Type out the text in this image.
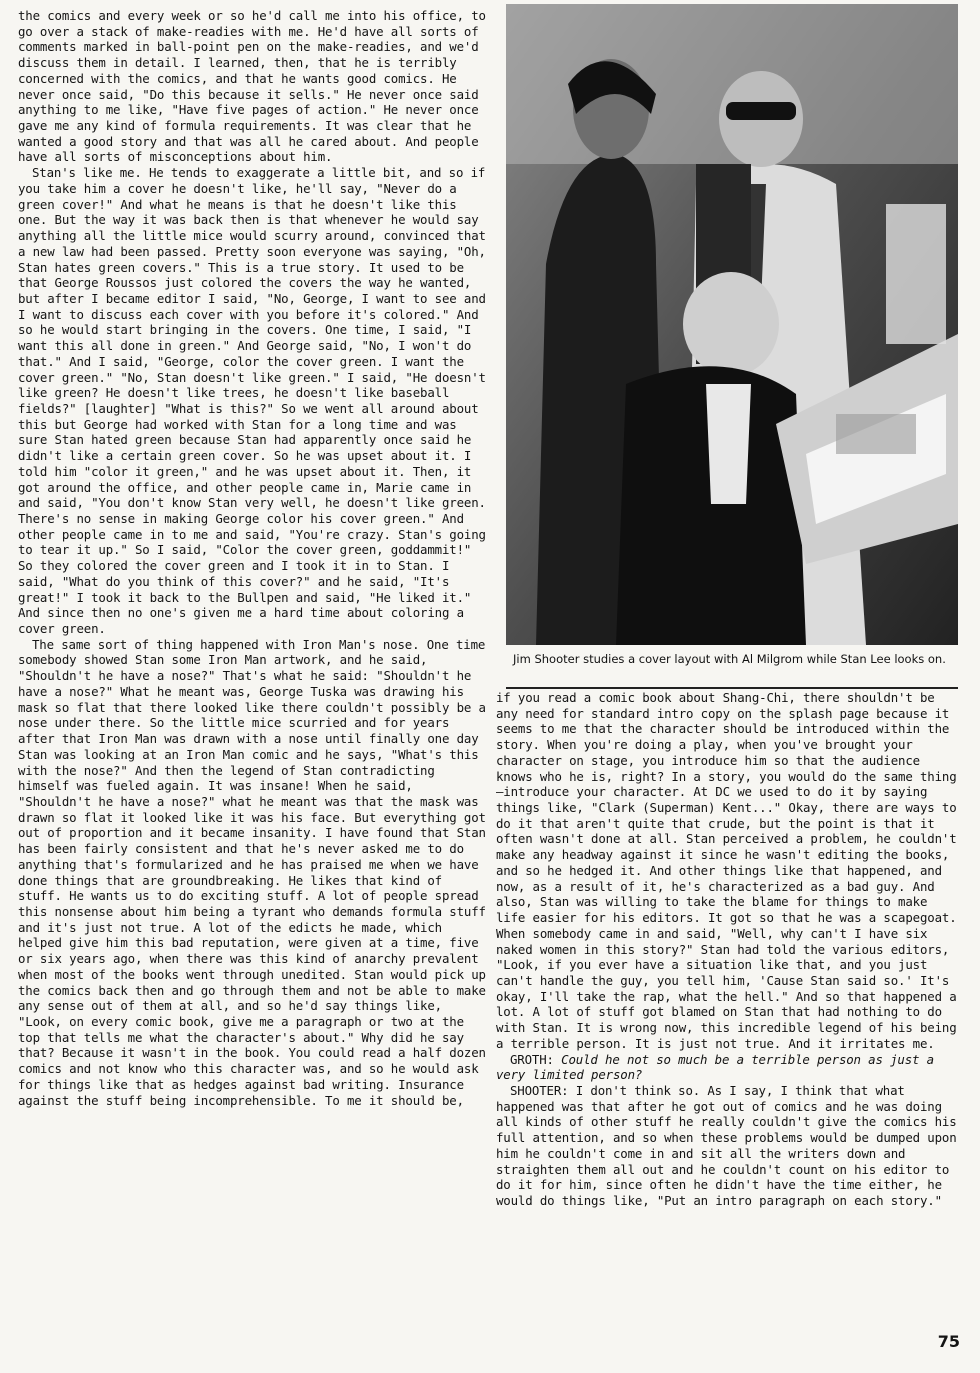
the comics and every week or so he'd call me into his office, to go over a stack of make-readies with me. He'd have all sorts of comments marked in ball-point pen on the make-readies, and we'd discuss them in detail. I learned, then, that he is terribly concerned with the comics, and that he wants good comics. He never once said, "Do this because it sells." He never once said anything to me like, "Have five pages of action." He never once gave me any kind of formula requirements. It was clear that he wanted a good story and that was all he cared about. And people have all sorts of misconceptions about him.

Stan's like me. He tends to exaggerate a little bit, and so if you take him a cover he doesn't like, he'll say, "Never do a green cover!" And what he means is that he doesn't like this one. But the way it was back then is that whenever he would say anything all the little mice would scurry around, convinced that a new law had been passed. Pretty soon everyone was saying, "Oh, Stan hates green covers." This is a true story. It used to be that George Roussos just colored the covers the way he wanted, but after I became editor I said, "No, George, I want to see and I want to discuss each cover with you before it's colored." And so he would start bringing in the covers. One time, I said, "I want this all done in green." And George said, "No, I won't do that." And I said, "George, color the cover green. I want the cover green." "No, Stan doesn't like green." I said, "He doesn't like green? He doesn't like trees, he doesn't like baseball fields?" [laughter] "What is this?" So we went all around about this but George had worked with Stan for a long time and was sure Stan hated green because Stan had apparently once said he didn't like a certain green cover. So he was upset about it. I told him "color it green," and he was upset about it. Then, it got around the office, and other people came in, Marie came in and said, "You don't know Stan very well, he doesn't like green. There's no sense in making George color his cover green." And other people came in to me and said, "You're crazy. Stan's going to tear it up." So I said, "Color the cover green, goddammit!" So they colored the cover green and I took it in to Stan. I said, "What do you think of this cover?" and he said, "It's great!" I took it back to the Bullpen and said, "He liked it." And since then no one's given me a hard time about coloring a cover green.

The same sort of thing happened with Iron Man's nose. One time somebody showed Stan some Iron Man artwork, and he said, "Shouldn't he have a nose?" That's what he said: "Shouldn't he have a nose?" What he meant was, George Tuska was drawing his mask so flat that there looked like there couldn't possibly be a nose under there. So the little mice scurried and for years after that Iron Man was drawn with a nose until finally one day Stan was looking at an Iron Man comic and he says, "What's this with the nose?" And then the legend of Stan contradicting himself was fueled again. It was insane! When he said, "Shouldn't he have a nose?" what he meant was that the mask was drawn so flat it looked like it was his face. But everything got out of proportion and it became insanity. I have found that Stan has been fairly consistent and that he's never asked me to do anything that's formularized and he has praised me when we have done things that are groundbreaking. He likes that kind of stuff. He wants us to do exciting stuff. A lot of people spread this nonsense about him being a tyrant who demands formula stuff and it's just not true. A lot of the edicts he made, which helped give him this bad reputation, were given at a time, five or six years ago, when there was this kind of anarchy prevalent when most of the books went through unedited. Stan would pick up the comics back then and go through them and not be able to make any sense out of them at all, and so he'd say things like, "Look, on every comic book, give me a paragraph or two at the top that tells me what the character's about." Why did he say that? Because it wasn't in the book. You could read a half dozen comics and not know who this character was, and so he would ask for things like that as hedges against bad writing. Insurance against the stuff being incomprehensible. To me it should be,

Jim Shooter studies a cover layout with Al Milgrom while Stan Lee looks on.

if you read a comic book about Shang-Chi, there shouldn't be any need for standard intro copy on the splash page because it seems to me that the character should be introduced within the story. When you're doing a play, when you've brought your character on stage, you introduce him so that the audience knows who he is, right? In a story, you would do the same thing—introduce your character. At DC we used to do it by saying things like, "Clark (Superman) Kent..." Okay, there are ways to do it that aren't quite that crude, but the point is that it often wasn't done at all. Stan perceived a problem, he couldn't make any headway against it since he wasn't editing the books, and so he hedged it. And other things like that happened, and now, as a result of it, he's characterized as a bad guy. And also, Stan was willing to take the blame for things to make life easier for his editors. It got so that he was a scapegoat. When somebody came in and said, "Well, why can't I have six naked women in this story?" Stan had told the various editors, "Look, if you ever have a situation like that, and you just can't handle the guy, you tell him, 'Cause Stan said so.' It's okay, I'll take the rap, what the hell." And so that happened a lot. A lot of stuff got blamed on Stan that had nothing to do with Stan. It is wrong now, this incredible legend of his being a terrible person. It is just not true. And it irritates me.

GROTH: Could he not so much be a terrible person as just a very limited person?

SHOOTER: I don't think so. As I say, I think that what happened was that after he got out of comics and he was doing all kinds of other stuff he really couldn't give the comics his full attention, and so when these problems would be dumped upon him he couldn't come in and sit all the writers down and straighten them all out and he couldn't count on his editor to do it for him, since often he didn't have the time either, he would do things like, "Put an intro paragraph on each story."

75
